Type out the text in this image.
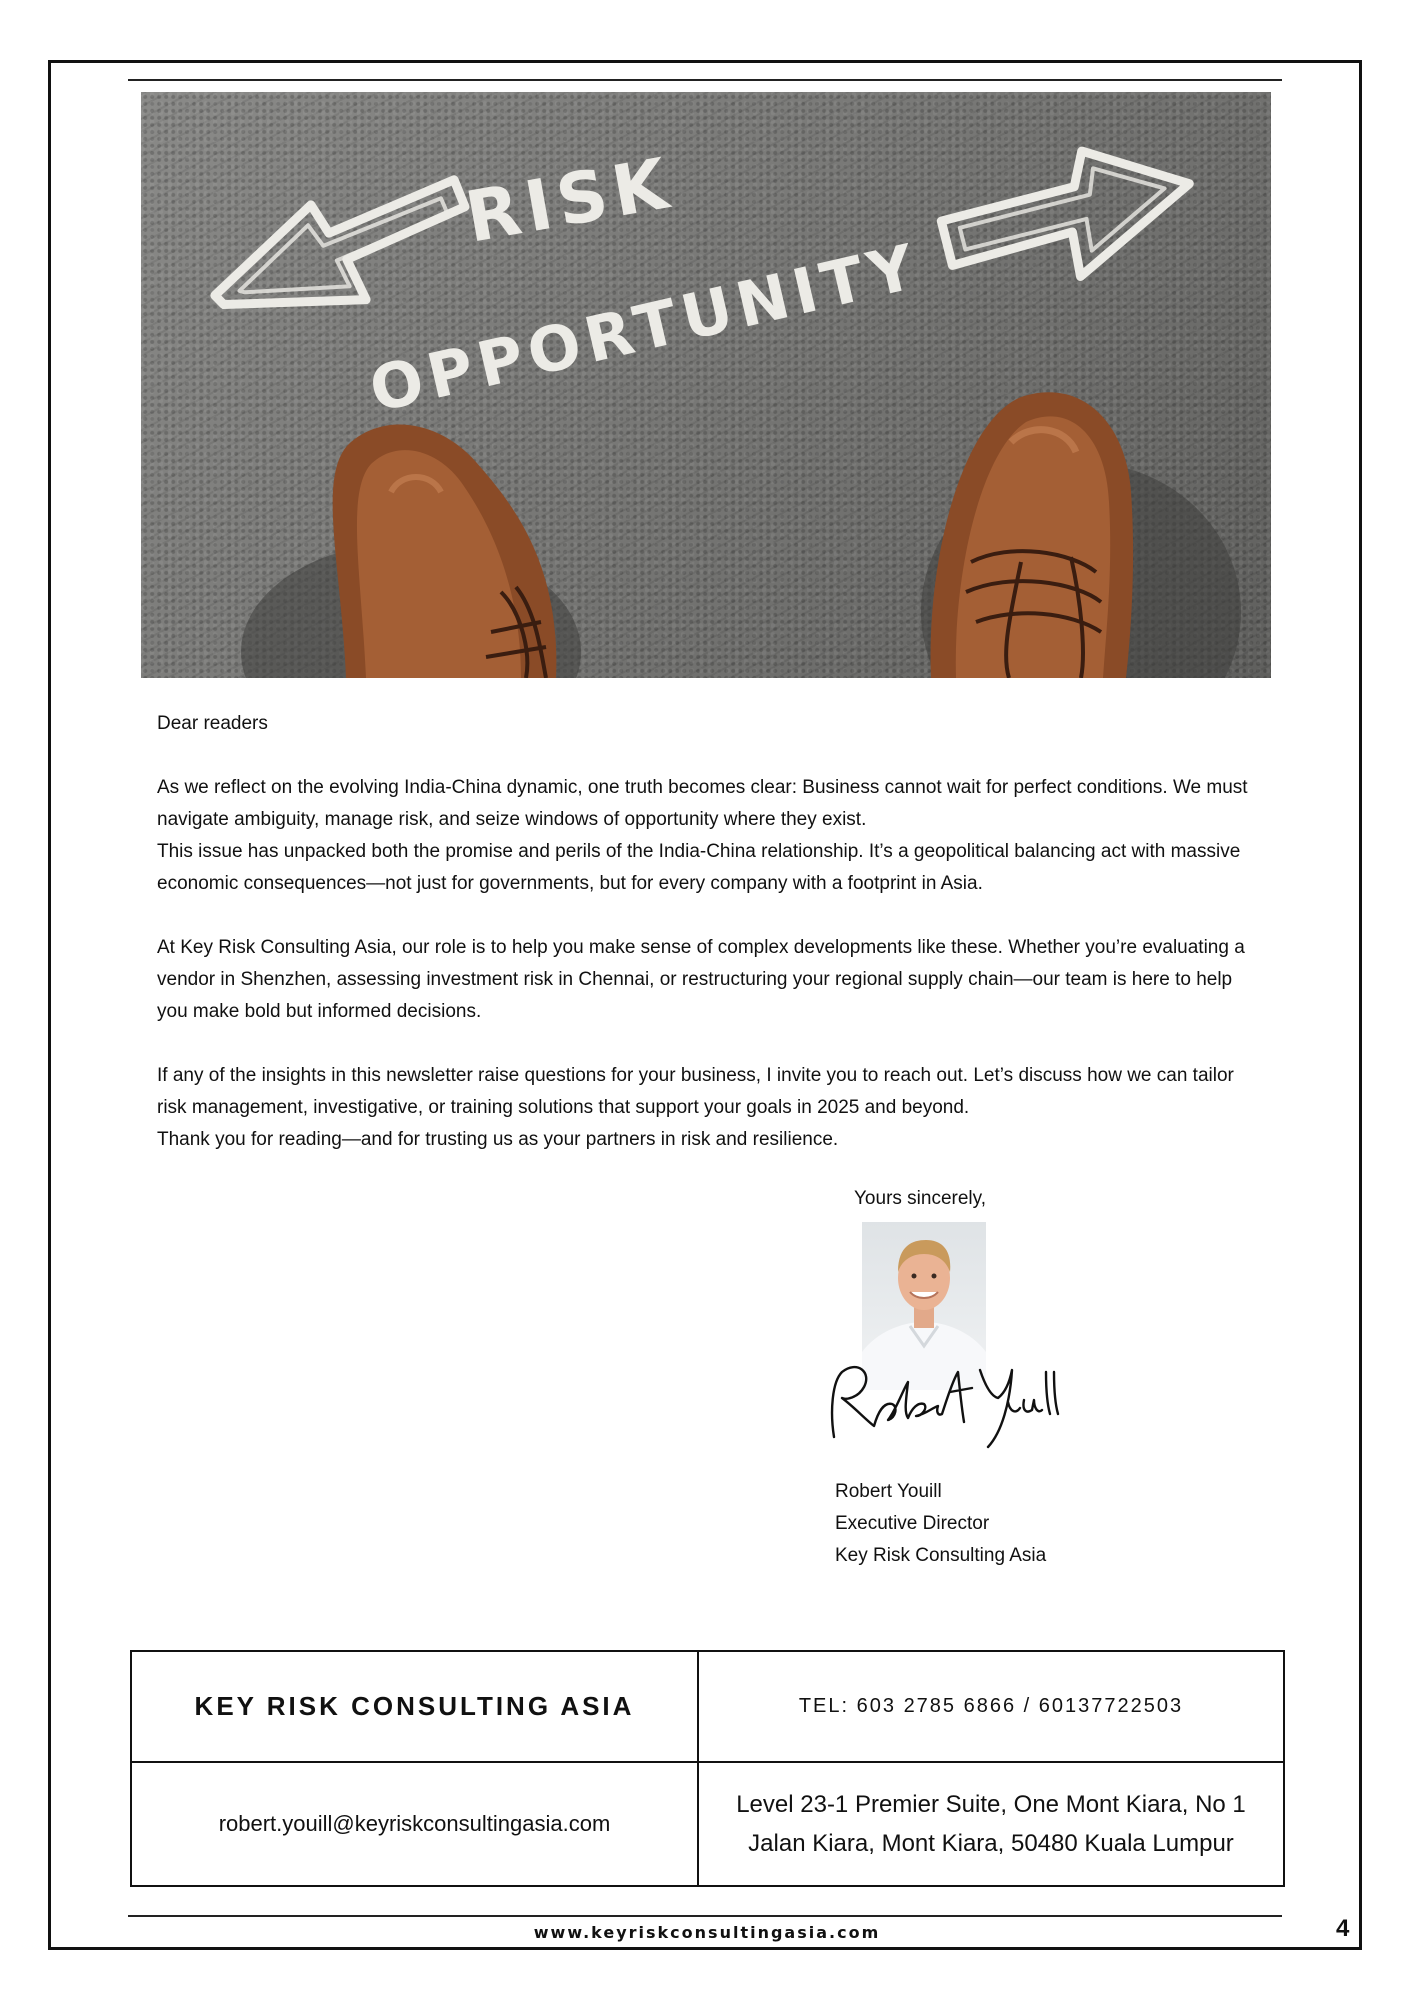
RISK
OPPORTUNITY

Dear readers

As we reflect on the evolving India-China dynamic, one truth becomes clear: Business cannot wait for perfect conditions. We must navigate ambiguity, manage risk, and seize windows of opportunity where they exist.

This issue has unpacked both the promise and perils of the India-China relationship. It’s a geopolitical balancing act with massive economic consequences—not just for governments, but for every company with a footprint in Asia.

At Key Risk Consulting Asia, our role is to help you make sense of complex developments like these. Whether you’re evaluating a vendor in Shenzhen, assessing investment risk in Chennai, or restructuring your regional supply chain—our team is here to help you make bold but informed decisions.

If any of the insights in this newsletter raise questions for your business, I invite you to reach out. Let’s discuss how we can tailor risk management, investigative, or training solutions that support your goals in 2025 and beyond.

Thank you for reading—and for trusting us as your partners in risk and resilience.

Yours sincerely,
Robert Youill
Executive Director
Key Risk Consulting Asia
KEY RISK CONSULTING ASIA	TEL: 603 2785 6866 / 60137722503
robert.youill@keyriskconsultingasia.com
Level 23-1 Premier Suite, One Mont Kiara, No 1
Jalan Kiara, Mont Kiara, 50480 Kuala Lumpur
www.keyriskconsultingasia.com	4
